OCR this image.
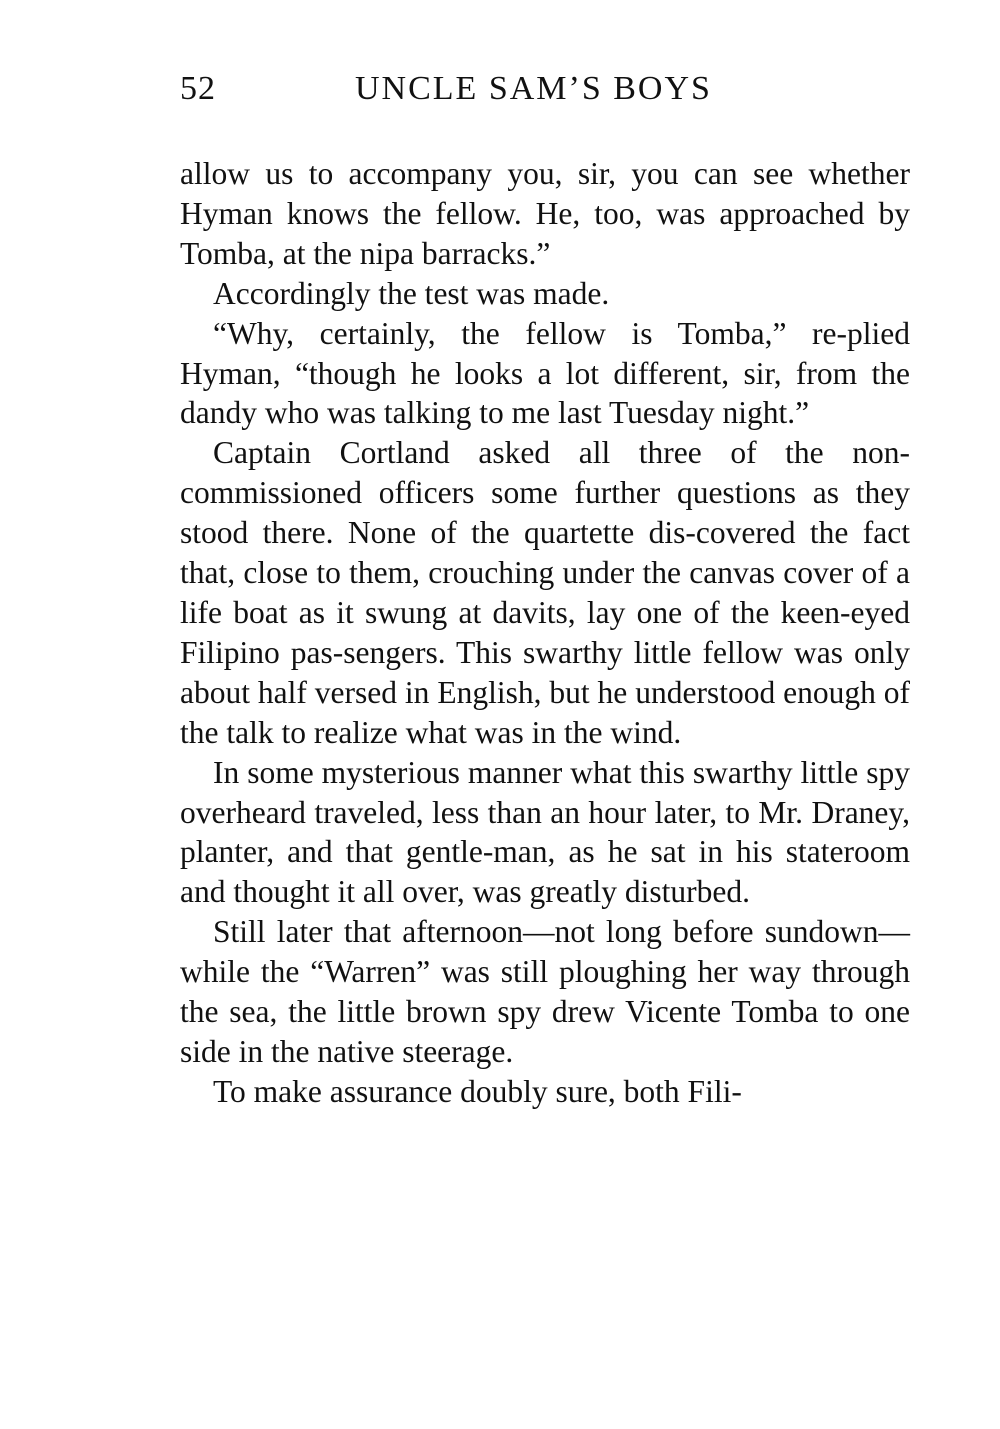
52	UNCLE SAM’S BOYS

allow us to accompany you, sir, you can see whether Hyman knows the fellow. He, too, was approached by Tomba, at the nipa barracks.”

Accordingly the test was made.

“Why, certainly, the fellow is Tomba,” re-plied Hyman, “though he looks a lot different, sir, from the dandy who was talking to me last Tuesday night.”

Captain Cortland asked all three of the non-commissioned officers some further questions as they stood there. None of the quartette dis-covered the fact that, close to them, crouching under the canvas cover of a life boat as it swung at davits, lay one of the keen-eyed Filipino pas-sengers. This swarthy little fellow was only about half versed in English, but he understood enough of the talk to realize what was in the wind.

In some mysterious manner what this swarthy little spy overheard traveled, less than an hour later, to Mr. Draney, planter, and that gentle-man, as he sat in his stateroom and thought it all over, was greatly disturbed.

Still later that afternoon—not long before sundown—while the “Warren” was still ploughing her way through the sea, the little brown spy drew Vicente Tomba to one side in the native steerage.

To make assurance doubly sure, both Fili-
